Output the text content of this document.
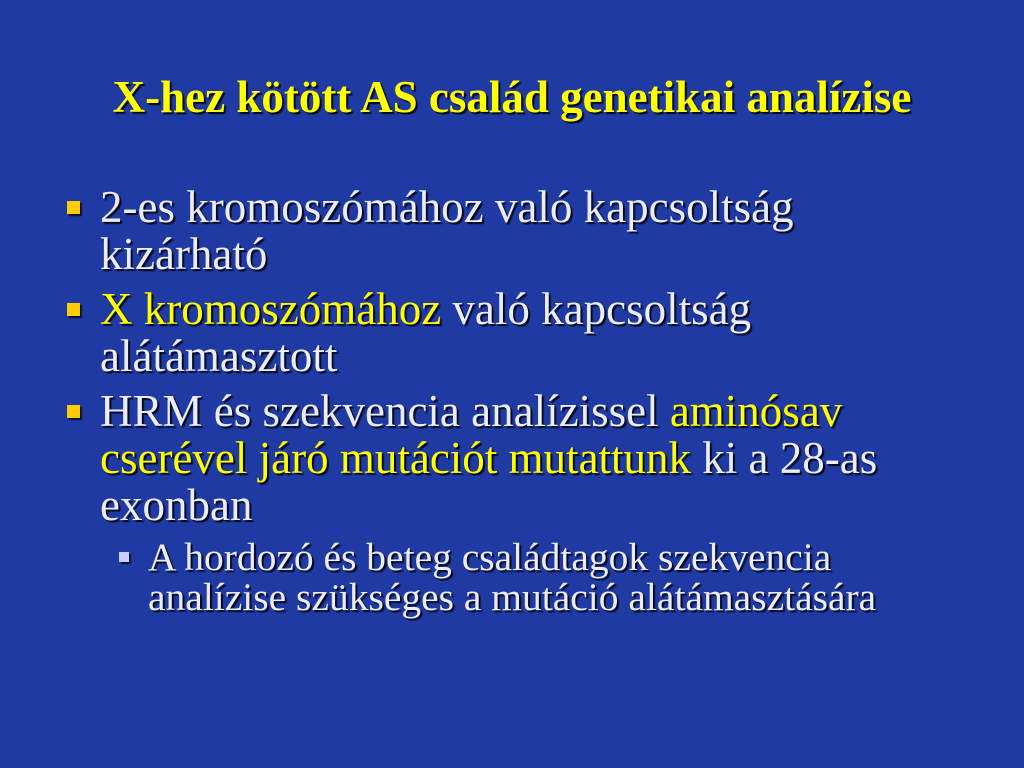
X-hez kötött AS család genetikai analízise
2-es kromoszómához való kapcsoltság
kizárható
X kromoszómához való kapcsoltság
alátámasztott
HRM és szekvencia analízissel aminósav
cserével járó mutációt mutattunk ki a 28-as
exonban
A hordozó és beteg családtagok szekvencia
analízise szükséges a mutáció alátámasztására
